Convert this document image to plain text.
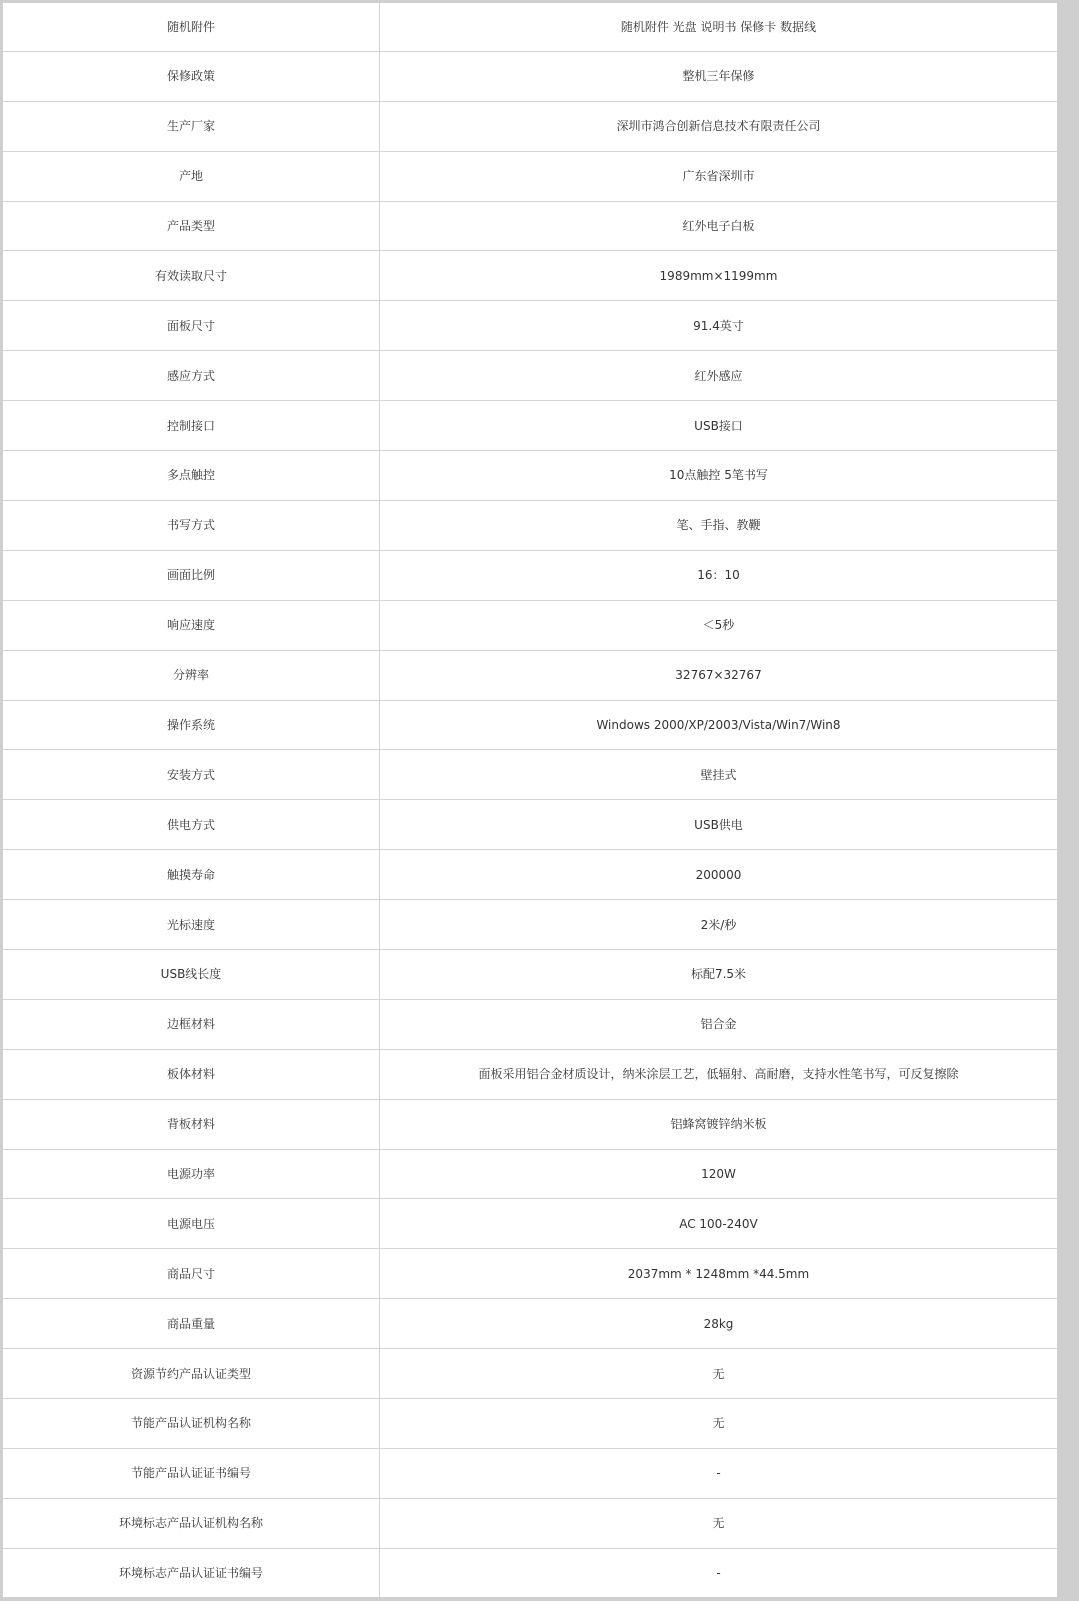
随机附件	随机附件 光盘 说明书 保修卡 数据线
保修政策	整机三年保修
生产厂家	深圳市鸿合创新信息技术有限责任公司
产地	广东省深圳市
产品类型	红外电子白板
有效读取尺寸	1989mm×1199mm
面板尺寸	91.4英寸
感应方式	红外感应
控制接口	USB接口
多点触控	10点触控 5笔书写
书写方式	笔、手指、教鞭
画面比例	16：10
响应速度	＜5秒
分辨率	32767×32767
操作系统	Windows 2000/XP/2003/Vista/Win7/Win8
安装方式	壁挂式
供电方式	USB供电
触摸寿命	200000
光标速度	2米/秒
USB线长度	标配7.5米
边框材料	铝合金
板体材料	面板采用铝合金材质设计，纳米涂层工艺，低辐射、高耐磨，支持水性笔书写，可反复擦除
背板材料	铝蜂窝镀锌纳米板
电源功率	120W
电源电压	AC 100-240V
商品尺寸	2037mm * 1248mm *44.5mm
商品重量	28kg
资源节约产品认证类型	无
节能产品认证机构名称	无
节能产品认证证书编号	-
环境标志产品认证机构名称	无
环境标志产品认证证书编号	-
